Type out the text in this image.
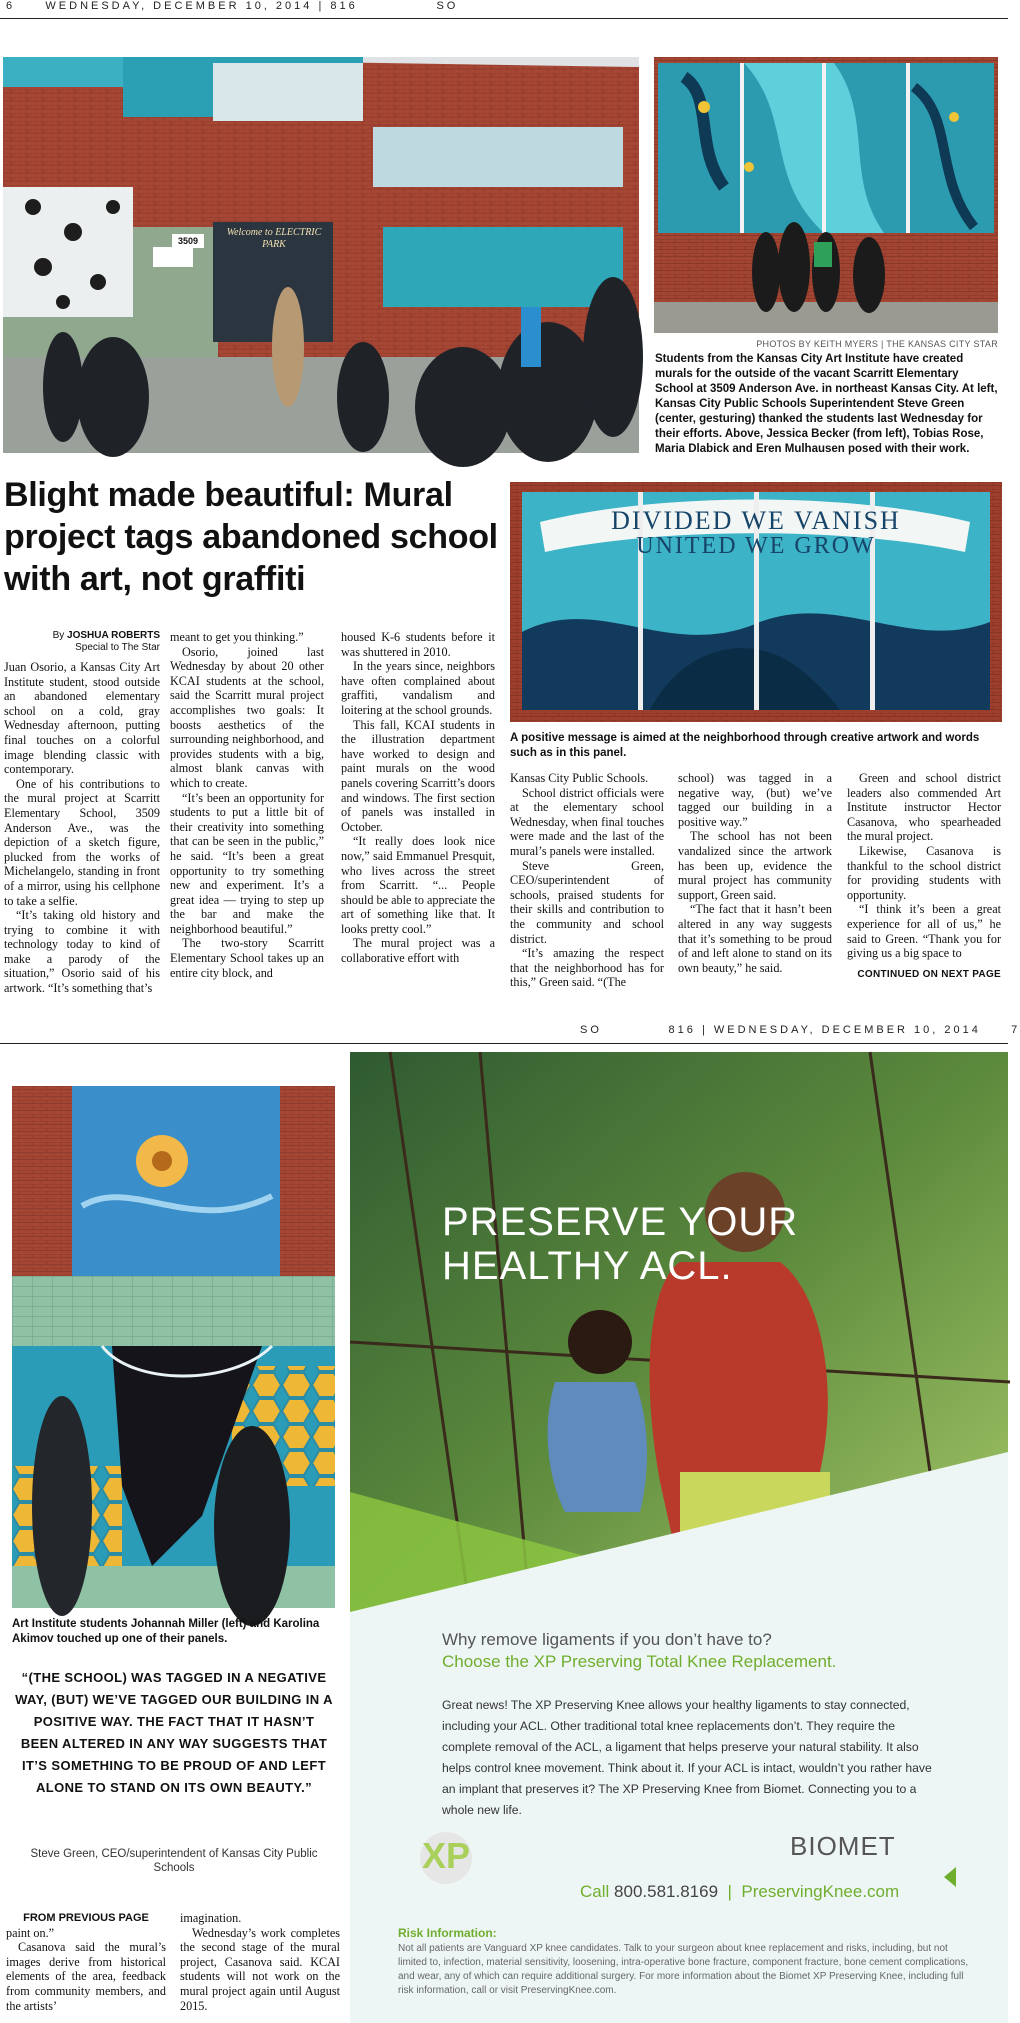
6	WEDNESDAY, DECEMBER 10, 2014 | 816	SO
3509
Welcome to ELECTRIC PARK
PHOTOS BY KEITH MYERS | THE KANSAS CITY STAR
Students from the Kansas City Art Institute have created murals for the outside of the vacant Scarritt Elementary School at 3509 Anderson Ave. in northeast Kansas City. At left, Kansas City Public Schools Superintendent Steve Green (center, gesturing) thanked the students last Wednesday for their efforts. Above, Jessica Becker (from left), Tobias Rose, Maria Dlabick and Eren Mulhausen posed with their work.
Blight made beautiful: Mural project tags abandoned school with art, not graffiti
DIVIDED WE VANISH
UNITED WE GROW
A positive message is aimed at the neighborhood through creative artwork and words such as in this panel.
By JOSHUA ROBERTS
Special to The Star

Juan Osorio, a Kansas City Art Institute student, stood outside an abandoned elementary school on a cold, gray Wednesday afternoon, putting final touches on a colorful image blending classic with contemporary.

One of his contributions to the mural project at Scarritt Elementary School, 3509 Anderson Ave., was the depiction of a sketch figure, plucked from the works of Michelangelo, standing in front of a mirror, using his cellphone to take a selfie.

“It’s taking old history and trying to combine it with technology today to kind of make a parody of the situation,” Osorio said of his artwork. “It’s something that’s

meant to get you thinking.”

Osorio, joined last Wednesday by about 20 other KCAI students at the school, said the Scarritt mural project accomplishes two goals: It boosts aesthetics of the surrounding neighborhood, and provides students with a big, almost blank canvas with which to create.

“It’s been an opportunity for students to put a little bit of their creativity into something that can be seen in the public,” he said. “It’s been a great opportunity to try something new and experiment. It’s a great idea — trying to step up the bar and make the neighborhood beautiful.”

The two-story Scarritt Elementary School takes up an entire city block, and

housed K-6 students before it was shuttered in 2010.

In the years since, neighbors have often complained about graffiti, vandalism and loitering at the school grounds.

This fall, KCAI students in the illustration department have worked to design and paint murals on the wood panels covering Scarritt’s doors and windows. The first section of panels was installed in October.

“It really does look nice now,” said Emmanuel Presquit, who lives across the street from Scarritt. “... People should be able to appreciate the art of something like that. It looks pretty cool.”

The mural project was a collaborative effort with

Kansas City Public Schools.

School district officials were at the elementary school Wednesday, when final touches were made and the last of the mural’s panels were installed.

Steve Green, CEO/superintendent of schools, praised students for their skills and contribution to the community and school district.

“It’s amazing the respect that the neighborhood has for this,” Green said. “(The

school) was tagged in a negative way, (but) we’ve tagged our building in a positive way.”

The school has not been vandalized since the artwork has been up, evidence the mural project has community support, Green said.

“The fact that it hasn’t been altered in any way suggests that it’s something to be proud of and left alone to stand on its own beauty,” he said.

Green and school district leaders also commended Art Institute instructor Hector Casanova, who spearheaded the mural project.

Likewise, Casanova is thankful to the school district for providing students with opportunity.

“I think it’s been a great experience for all of us,” he said to Green. “Thank you for giving us a big space to

CONTINUED ON NEXT PAGE
SO	816 | WEDNESDAY, DECEMBER 10, 2014	7
Art Institute students Johannah Miller (left) and Karolina Akimov touched up one of their panels.
“(THE SCHOOL) WAS TAGGED IN A NEGATIVE WAY, (BUT) WE’VE TAGGED OUR BUILDING IN A POSITIVE WAY. THE FACT THAT IT HASN’T BEEN ALTERED IN ANY WAY SUGGESTS THAT IT’S SOMETHING TO BE PROUD OF AND LEFT ALONE TO STAND ON ITS OWN BEAUTY.”
Steve Green, CEO/superintendent of Kansas City Public Schools
FROM PREVIOUS PAGE

paint on.”

Casanova said the mural’s images derive from historical elements of the area, feedback from community members, and the artists’

imagination.

Wednesday’s work completes the second stage of the mural project, Casanova said. KCAI students will not work on the mural project again until August 2015.

PRESERVE YOUR
HEALTHY ACL.
Why remove ligaments if you don’t have to?
Choose the XP Preserving Total Knee Replacement.
Great news! The XP Preserving Knee allows your healthy ligaments to stay connected, including your ACL. Other traditional total knee replacements don’t. They require the complete removal of the ACL, a ligament that helps preserve your natural stability. It also helps control knee movement. Think about it. If your ACL is intact, wouldn’t you rather have an implant that preserves it? The XP Preserving Knee from Biomet. Connecting you to a whole new life.
XP	BIOMET
Call 800.581.8169 | PreservingKnee.com
Risk Information:
Not all patients are Vanguard XP knee candidates. Talk to your surgeon about knee replacement and risks, including, but not limited to, infection, material sensitivity, loosening, intra-operative bone fracture, component fracture, bone cement complications, and wear, any of which can require additional surgery. For more information about the Biomet XP Preserving Knee, including full risk information, call or visit PreservingKnee.com.
